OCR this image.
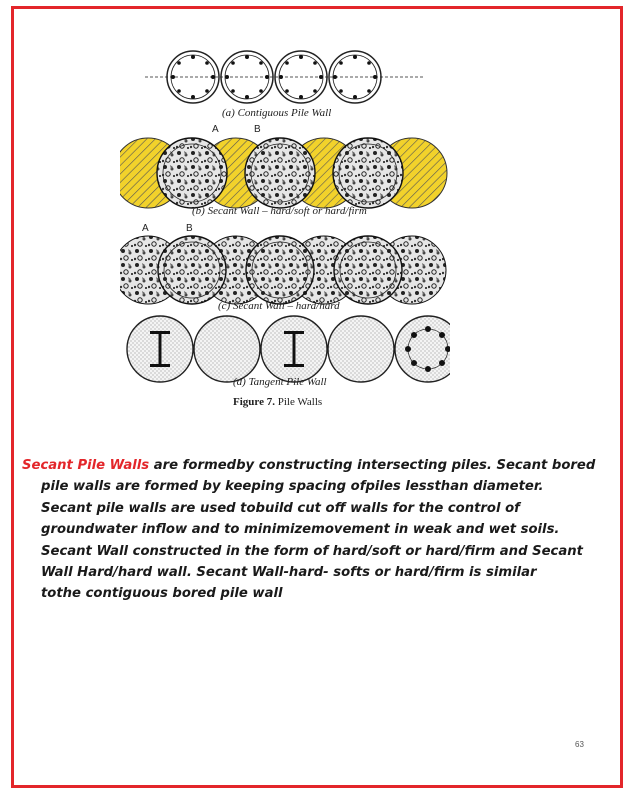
(a) Contiguous Pile Wall
A	B
(b) Secant Wall – hard/soft or hard/firm
A	B
(c) Secant Wall – hard/hard
(d) Tangent Pile Wall
Figure 7. Pile Walls
Secant Pile Walls are formedby constructing intersecting piles. Secant bored
pile walls are formed by keeping spacing ofpiles lessthan diameter.
Secant pile walls are used tobuild cut off walls for the control of
groundwater inflow and to minimizemovement in weak and wet soils.
Secant Wall constructed in the form of hard/soft or hard/firm and Secant
Wall Hard/hard wall. Secant Wall-hard- softs or hard/firm is similar
tothe contiguous bored pile wall
63
